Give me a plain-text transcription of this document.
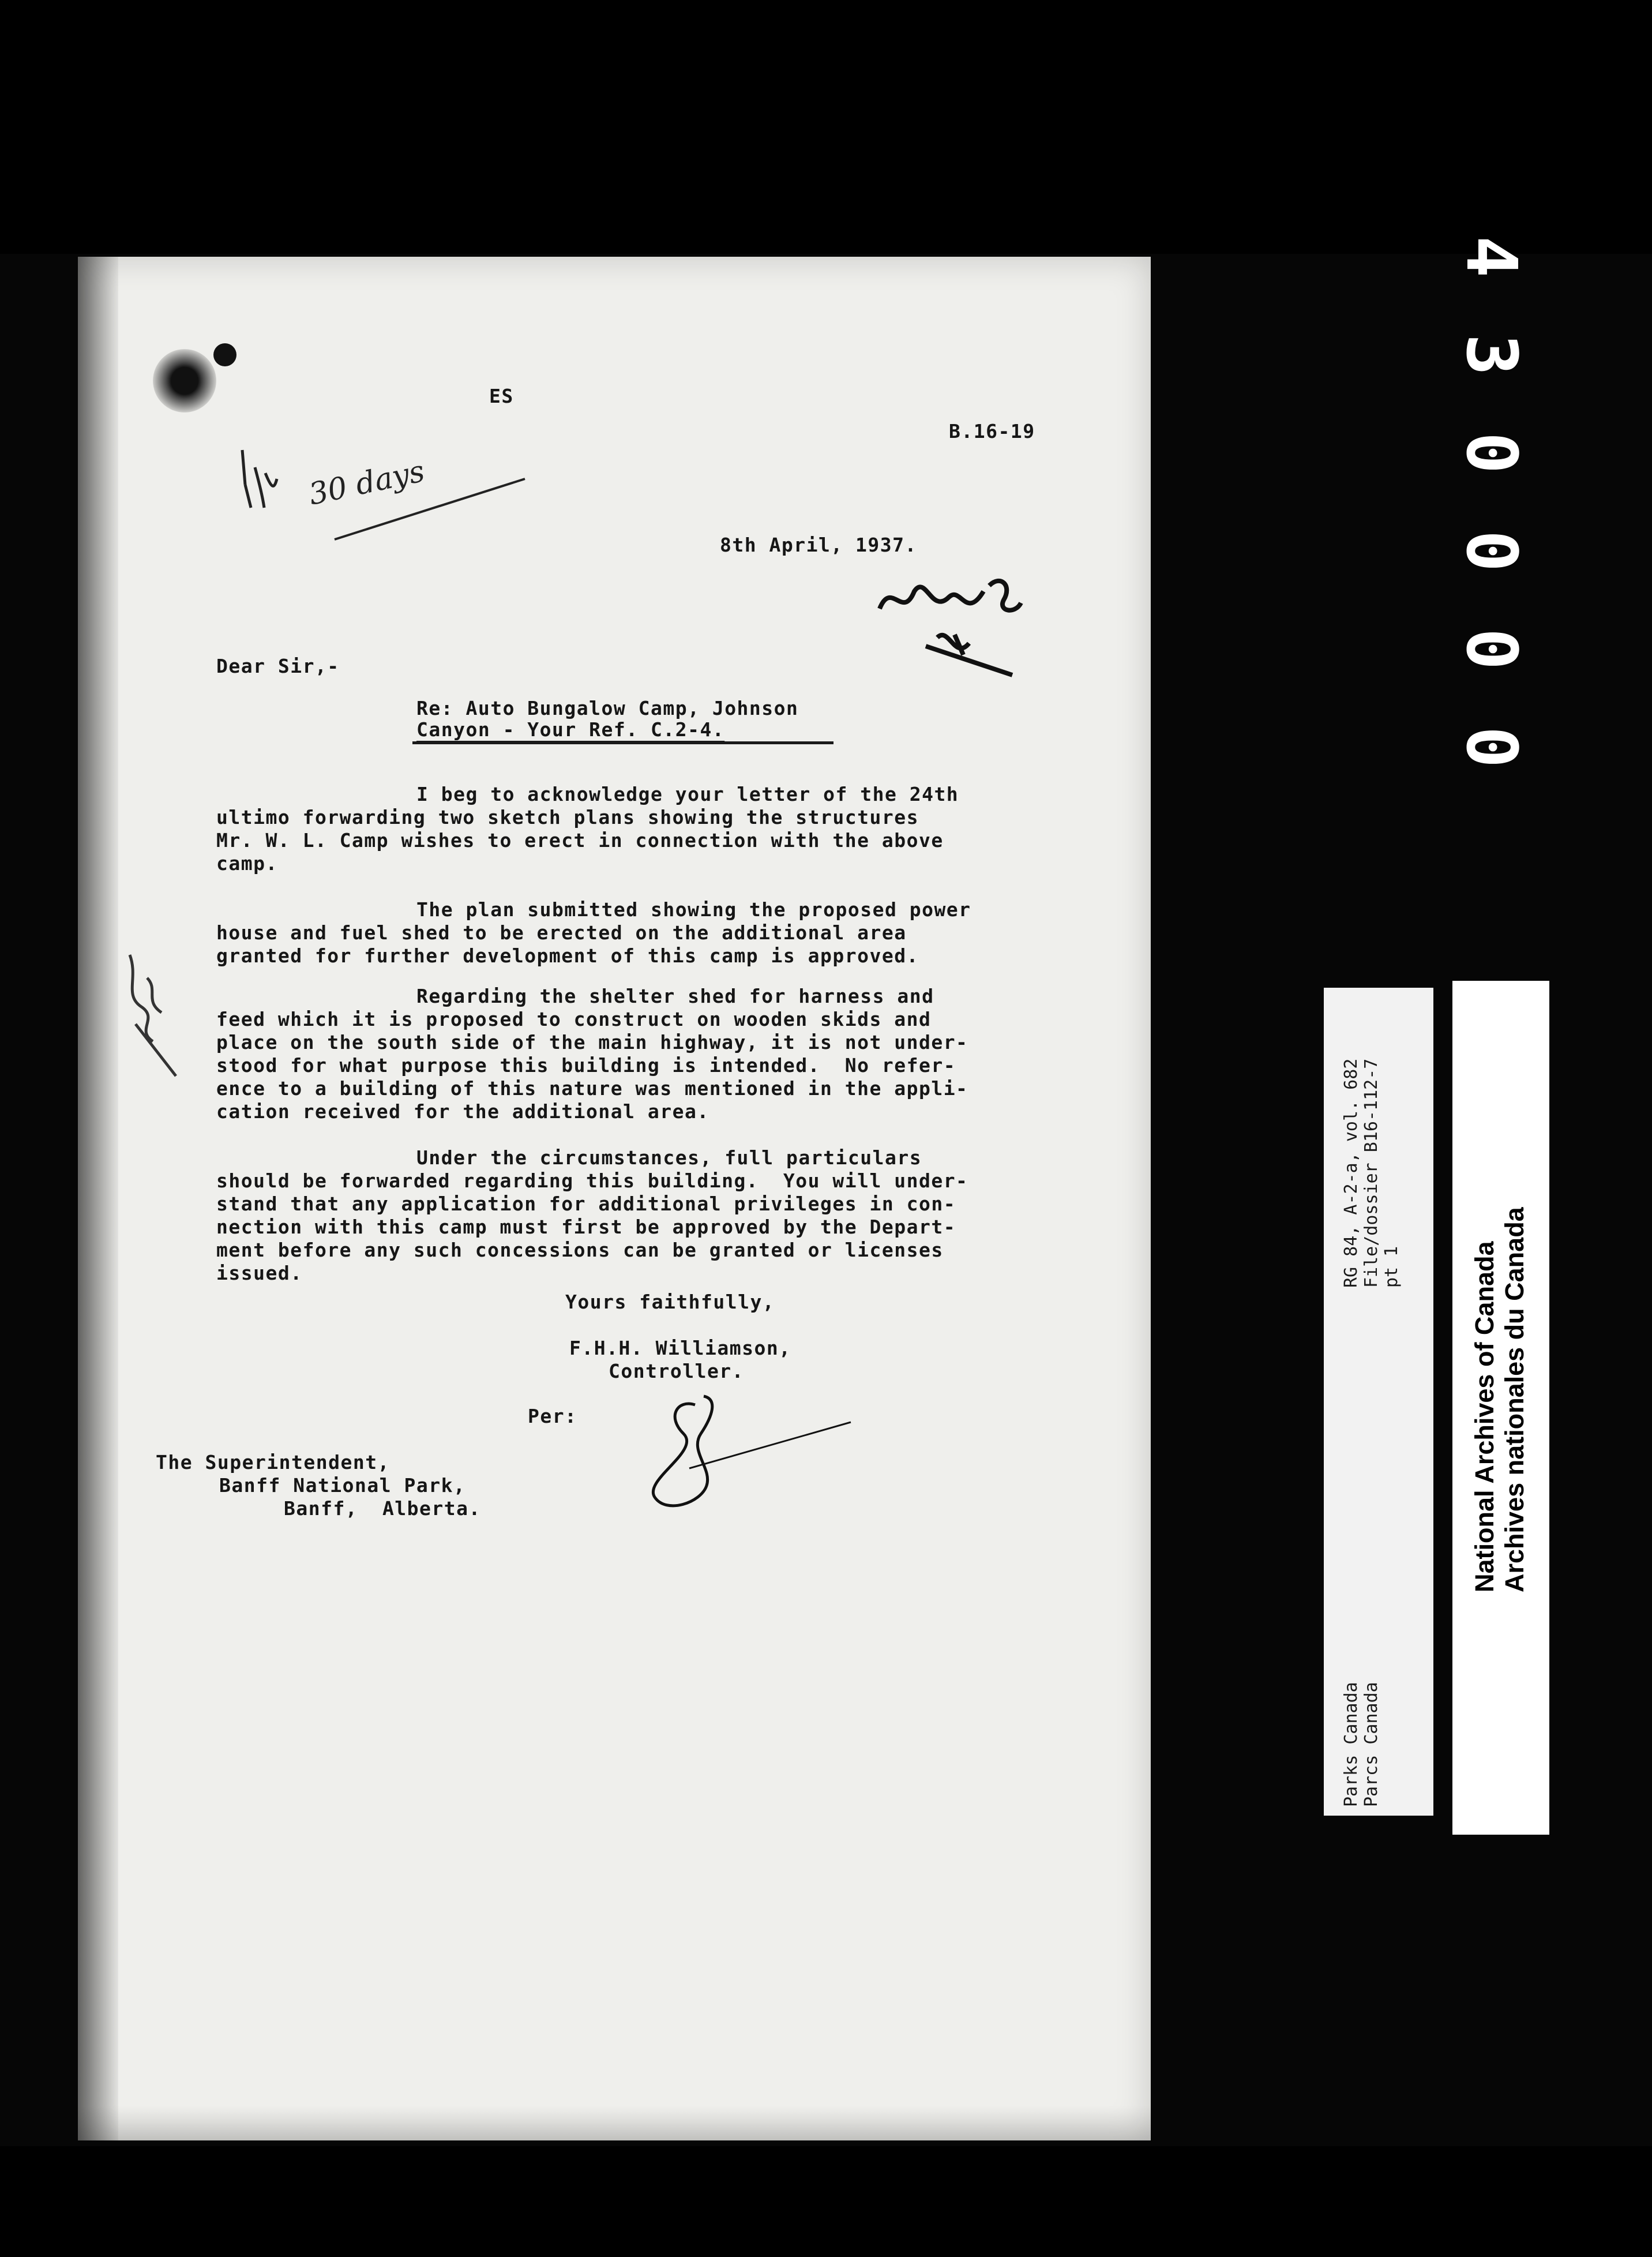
ES
B.16-19
30 days
8th April, 1937.
Dear Sir,-
Re: Auto Bungalow Camp, Johnson
Canyon - Your Ref. C.2-4.
I beg to acknowledge your letter of the 24th
ultimo forwarding two sketch plans showing the structures
Mr. W. L. Camp wishes to erect in connection with the above
camp.
The plan submitted showing the proposed power
house and fuel shed to be erected on the additional area
granted for further development of this camp is approved.
Regarding the shelter shed for harness and
feed which it is proposed to construct on wooden skids and
place on the south side of the main highway, it is not under-
stood for what purpose this building is intended.  No refer-
ence to a building of this nature was mentioned in the appli-
cation received for the additional area.
Under the circumstances, full particulars
should be forwarded regarding this building.  You will under-
stand that any application for additional privileges in con-
nection with this camp must first be approved by the Depart-
ment before any such concessions can be granted or licenses
issued.
Yours faithfully,
F.H.H. Williamson,
Controller.
Per:
The Superintendent,
Banff National Park,
Banff,  Alberta.
4
3
0
0
0
0
RG 84, A-2-a, vol. 682 File/dossier B16-112-7 pt 1
Parks Canada Parcs Canada
National Archives of Canada Archives nationales du Canada
